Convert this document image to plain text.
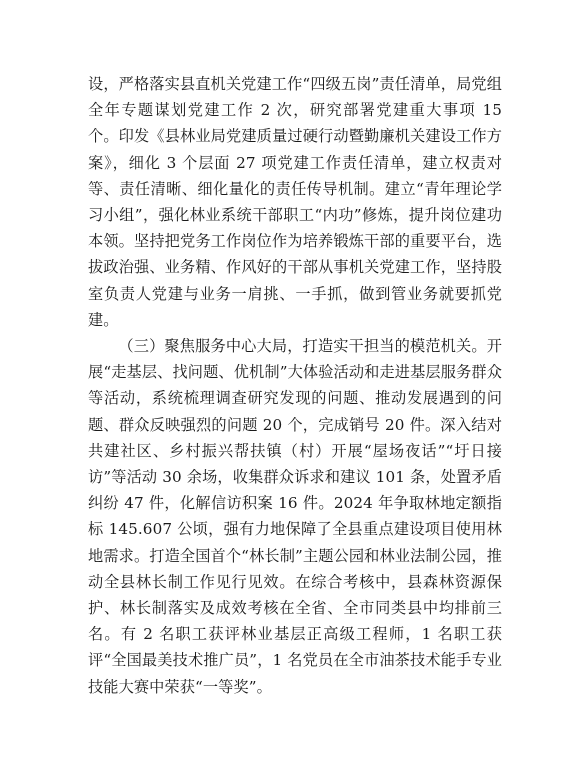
设，严格落实县直机关党建工作“四级五岗”责任清单，局党组全年专题谋划党建工作 2 次，研究部署党建重大事项 15 个。印发《县林业局党建质量过硬行动暨勤廉机关建设工作方案》，细化 3 个层面 27 项党建工作责任清单，建立权责对等、责任清晰、细化量化的责任传导机制。建立“青年理论学习小组”，强化林业系统干部职工“内功”修炼，提升岗位建功本领。坚持把党务工作岗位作为培养锻炼干部的重要平台，选拔政治强、业务精、作风好的干部从事机关党建工作，坚持股室负责人党建与业务一肩挑、一手抓，做到管业务就要抓党建。

（三）聚焦服务中心大局，打造实干担当的模范机关。开展“走基层、找问题、优机制”大体验活动和走进基层服务群众等活动，系统梳理调查研究发现的问题、推动发展遇到的问题、群众反映强烈的问题 20 个，完成销号 20 件。深入结对共建社区、乡村振兴帮扶镇（村）开展“屋场夜话”“圩日接访”等活动 30 余场，收集群众诉求和建议 101 条，处置矛盾纠纷 47 件，化解信访积案 16 件。2024 年争取林地定额指标 145.607 公顷，强有力地保障了全县重点建设项目使用林地需求。打造全国首个“林长制”主题公园和林业法制公园，推动全县林长制工作见行见效。在综合考核中，县森林资源保护、林长制落实及成效考核在全省、全市同类县中均排前三名。有 2 名职工获评林业基层正高级工程师，1 名职工获评“全国最美技术推广员”，1 名党员在全市油茶技术能手专业技能大赛中荣获“一等奖”。
